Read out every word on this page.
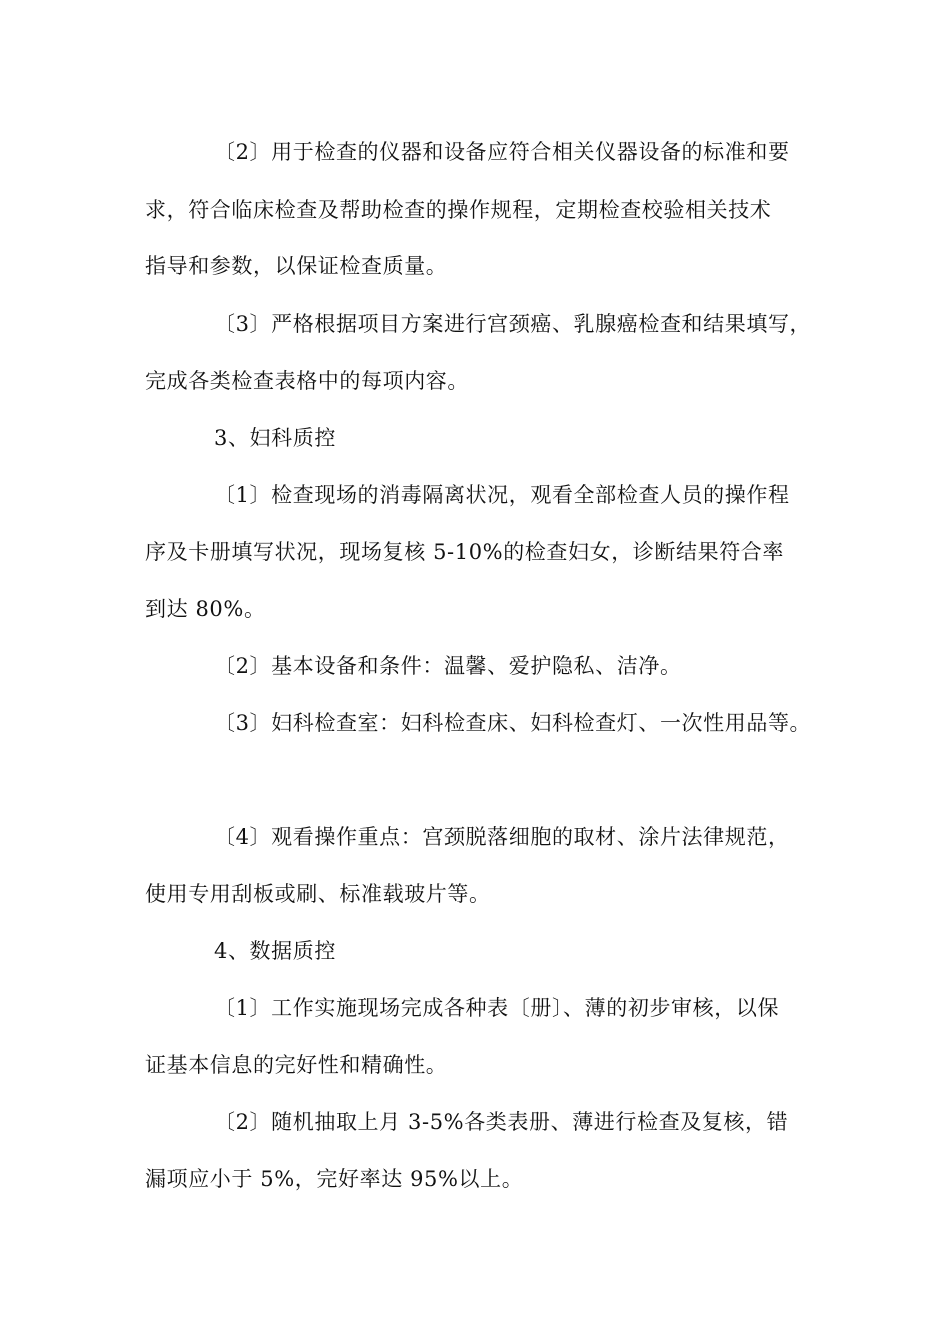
〔2〕用于检查的仪器和设备应符合相关仪器设备的标准和要
求，符合临床检查及帮助检查的操作规程，定期检查校验相关技术
指导和参数，以保证检查质量。
〔3〕严格根据项目方案进行宫颈癌、乳腺癌检查和结果填写，
完成各类检查表格中的每项内容。
3、妇科质控
〔1〕检查现场的消毒隔离状况，观看全部检查人员的操作程
序及卡册填写状况，现场复核 5-10%的检查妇女，诊断结果符合率
到达 80%。
〔2〕基本设备和条件：温馨、爱护隐私、洁净。
〔3〕妇科检查室：妇科检查床、妇科检查灯、一次性用品等。
〔4〕观看操作重点：宫颈脱落细胞的取材、涂片法律规范，
使用专用刮板或刷、标准载玻片等。
4、数据质控
〔1〕工作实施现场完成各种表〔册〕、薄的初步审核，以保
证基本信息的完好性和精确性。
〔2〕随机抽取上月 3-5%各类表册、薄进行检查及复核，错
漏项应小于 5%，完好率达 95%以上。
